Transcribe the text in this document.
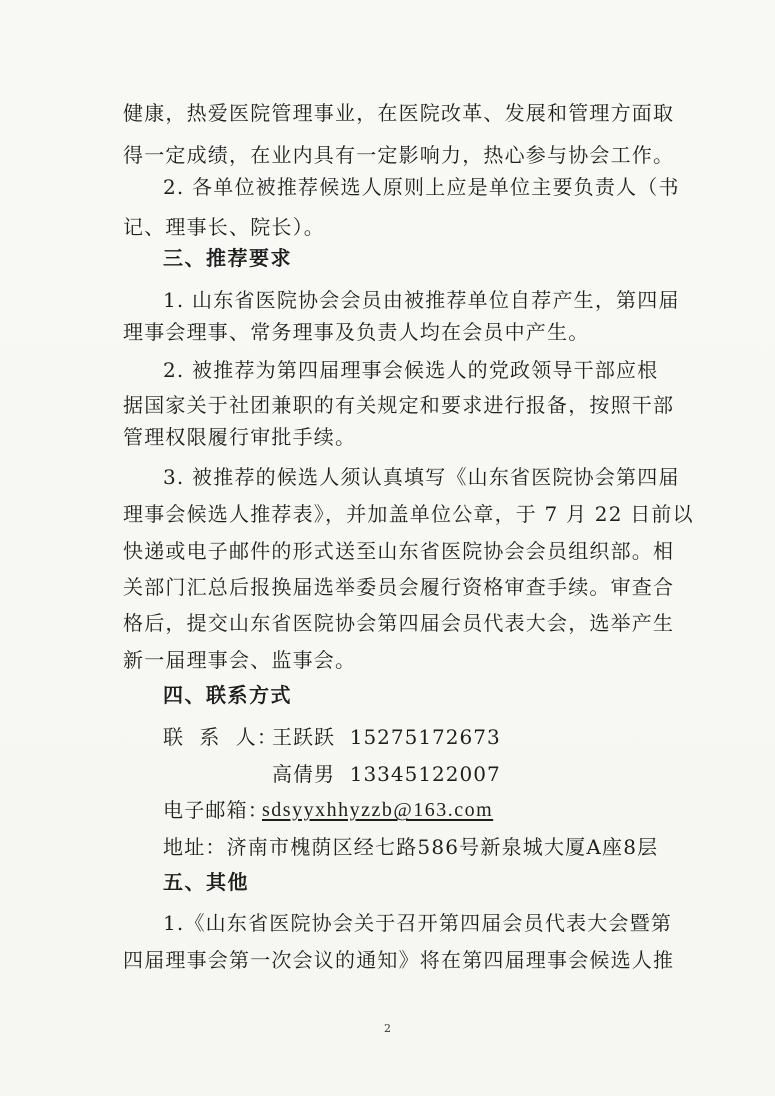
健康，热爱医院管理事业，在医院改革、发展和管理方面取
得一定成绩，在业内具有一定影响力，热心参与协会工作。
2. 各单位被推荐候选人原则上应是单位主要负责人（书
记、理事长、院长）。
三、推荐要求
1. 山东省医院协会会员由被推荐单位自荐产生，第四届
理事会理事、常务理事及负责人均在会员中产生。
2. 被推荐为第四届理事会候选人的党政领导干部应根
据国家关于社团兼职的有关规定和要求进行报备，按照干部
管理权限履行审批手续。
3. 被推荐的候选人须认真填写《山东省医院协会第四届
理事会候选人推荐表》，并加盖单位公章，于 7 月 22 日前以
快递或电子邮件的形式送至山东省医院协会会员组织部。相
关部门汇总后报换届选举委员会履行资格审查手续。审查合
格后，提交山东省医院协会第四届会员代表大会，选举产生
新一届理事会、监事会。
四、联系方式
联  系  人：
王跃跃  15275172673
高倩男  13345122007
电子邮箱：
sdsyyxhhyzzb@163.com
地址：济南市槐荫区经七路586号新泉城大厦A座8层
五、其他
1.《山东省医院协会关于召开第四届会员代表大会暨第
四届理事会第一次会议的通知》将在第四届理事会候选人推
2
